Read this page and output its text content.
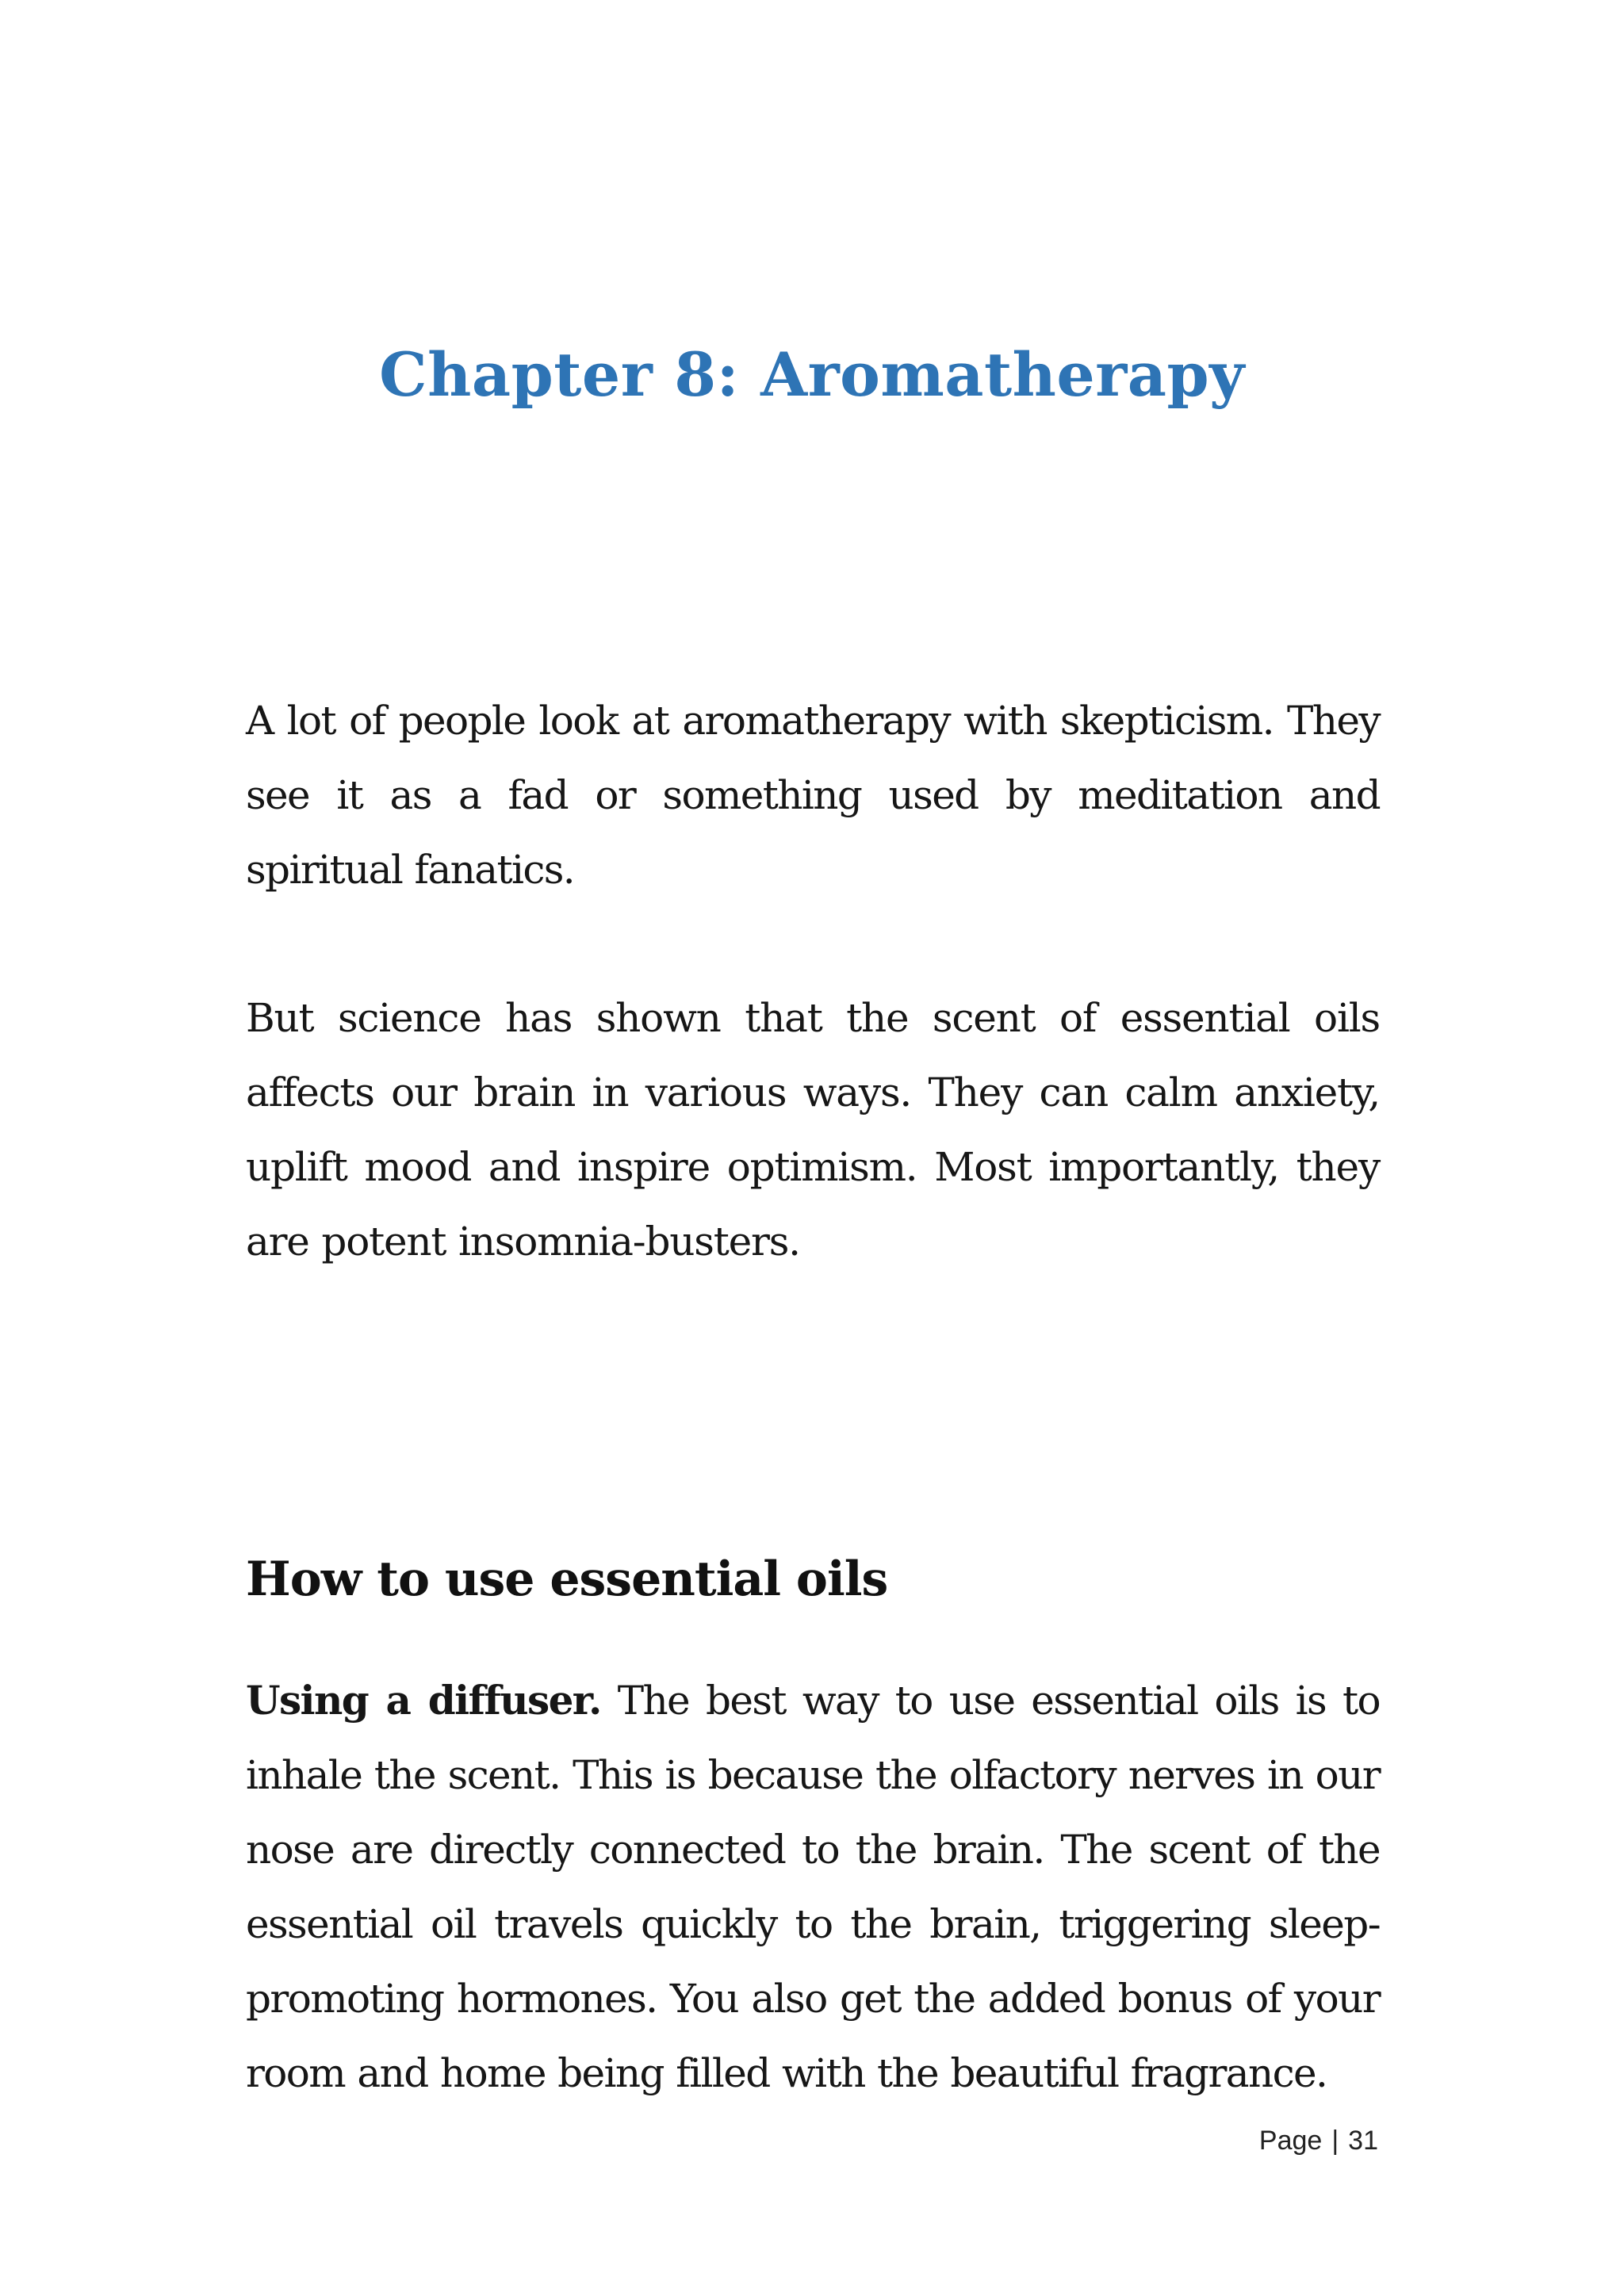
Chapter 8: Aromatherapy

A lot of people look at aromatherapy with skepticism. They see it as a fad or something used by meditation and spiritual fanatics.

But science has shown that the scent of essential oils affects our brain in various ways. They can calm anxiety, uplift mood and inspire optimism. Most importantly, they are potent insomnia-busters.

How to use essential oils

Using a diffuser. The best way to use essential oils is to inhale the scent. This is because the olfactory nerves in our nose are directly connected to the brain. The scent of the essential oil travels quickly to the brain, triggering sleep-promoting hormones. You also get the added bonus of your room and home being filled with the beautiful fragrance.

Page | 31
